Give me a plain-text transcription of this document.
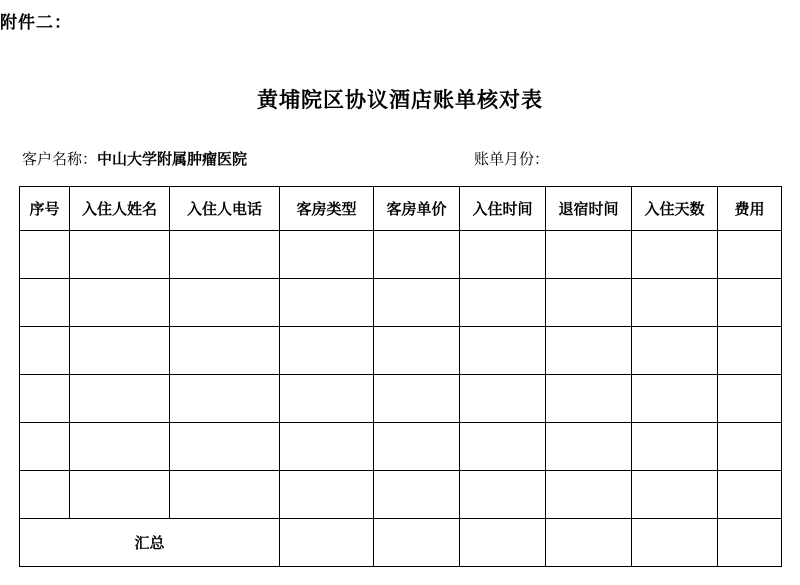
附件二：
黄埔院区协议酒店账单核对表
客户名称：中山大学附属肿瘤医院	账单月份：
序号	入住人姓名	入住人电话	客房类型	客房单价	入住时间	退宿时间	入住天数	费用

汇总								
